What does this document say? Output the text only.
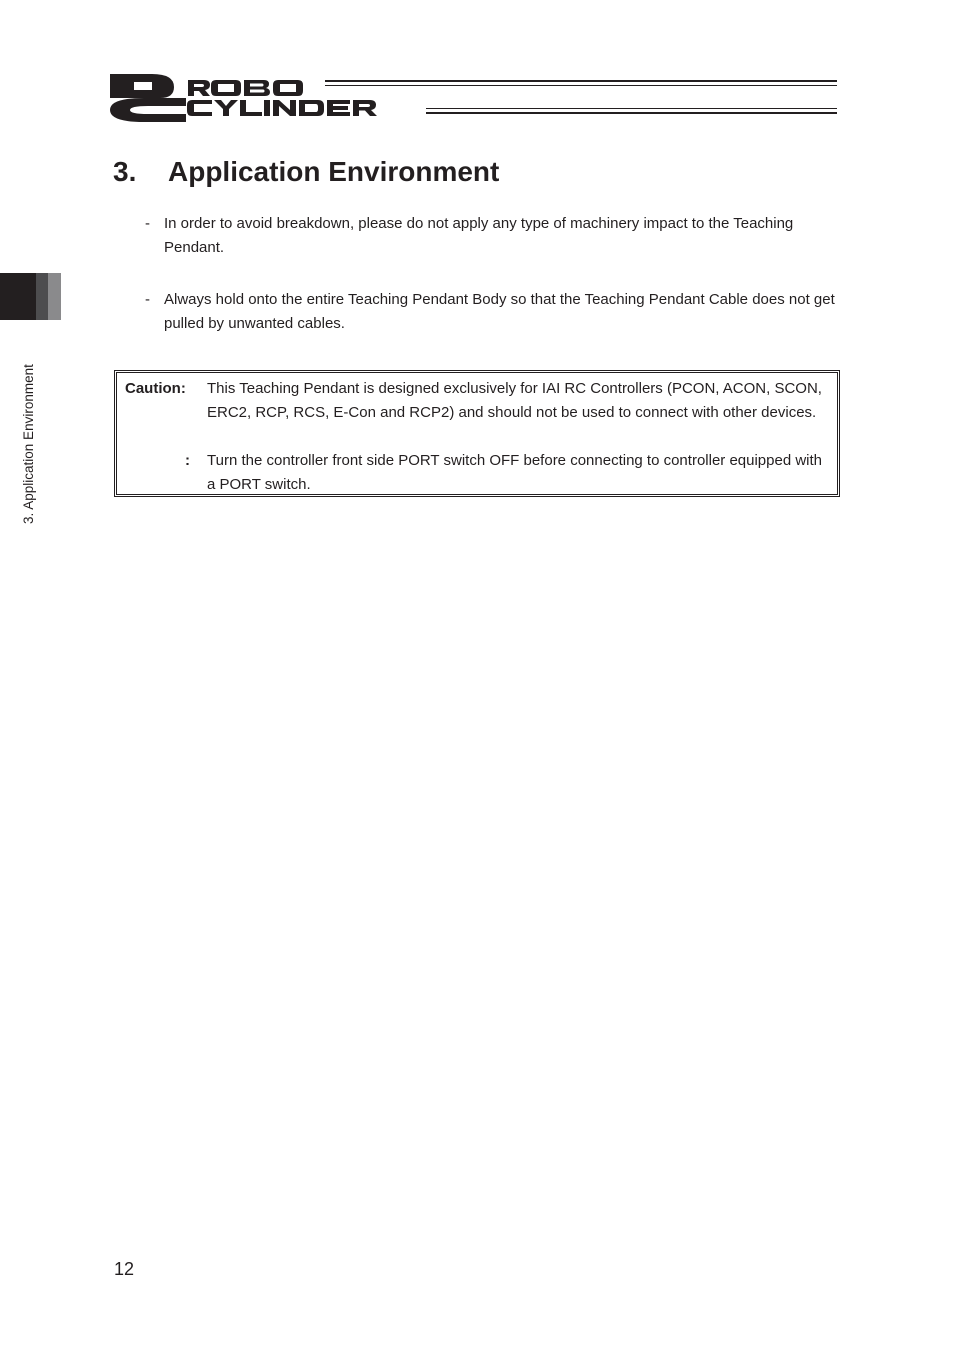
3. Application Environment
3. Application Environment
- In order to avoid breakdown, please do not apply any type of machinery impact to the Teaching Pendant.
- Always hold onto the entire Teaching Pendant Body so that the Teaching Pendant Cable does not get pulled by unwanted cables.
Caution: This Teaching Pendant is designed exclusively for IAI RC Controllers (PCON, ACON, SCON, ERC2, RCP, RCS, E-Con and RCP2) and should not be used to connect with other devices.
: Turn the controller front side PORT switch OFF before connecting to controller equipped with a PORT switch.
12
